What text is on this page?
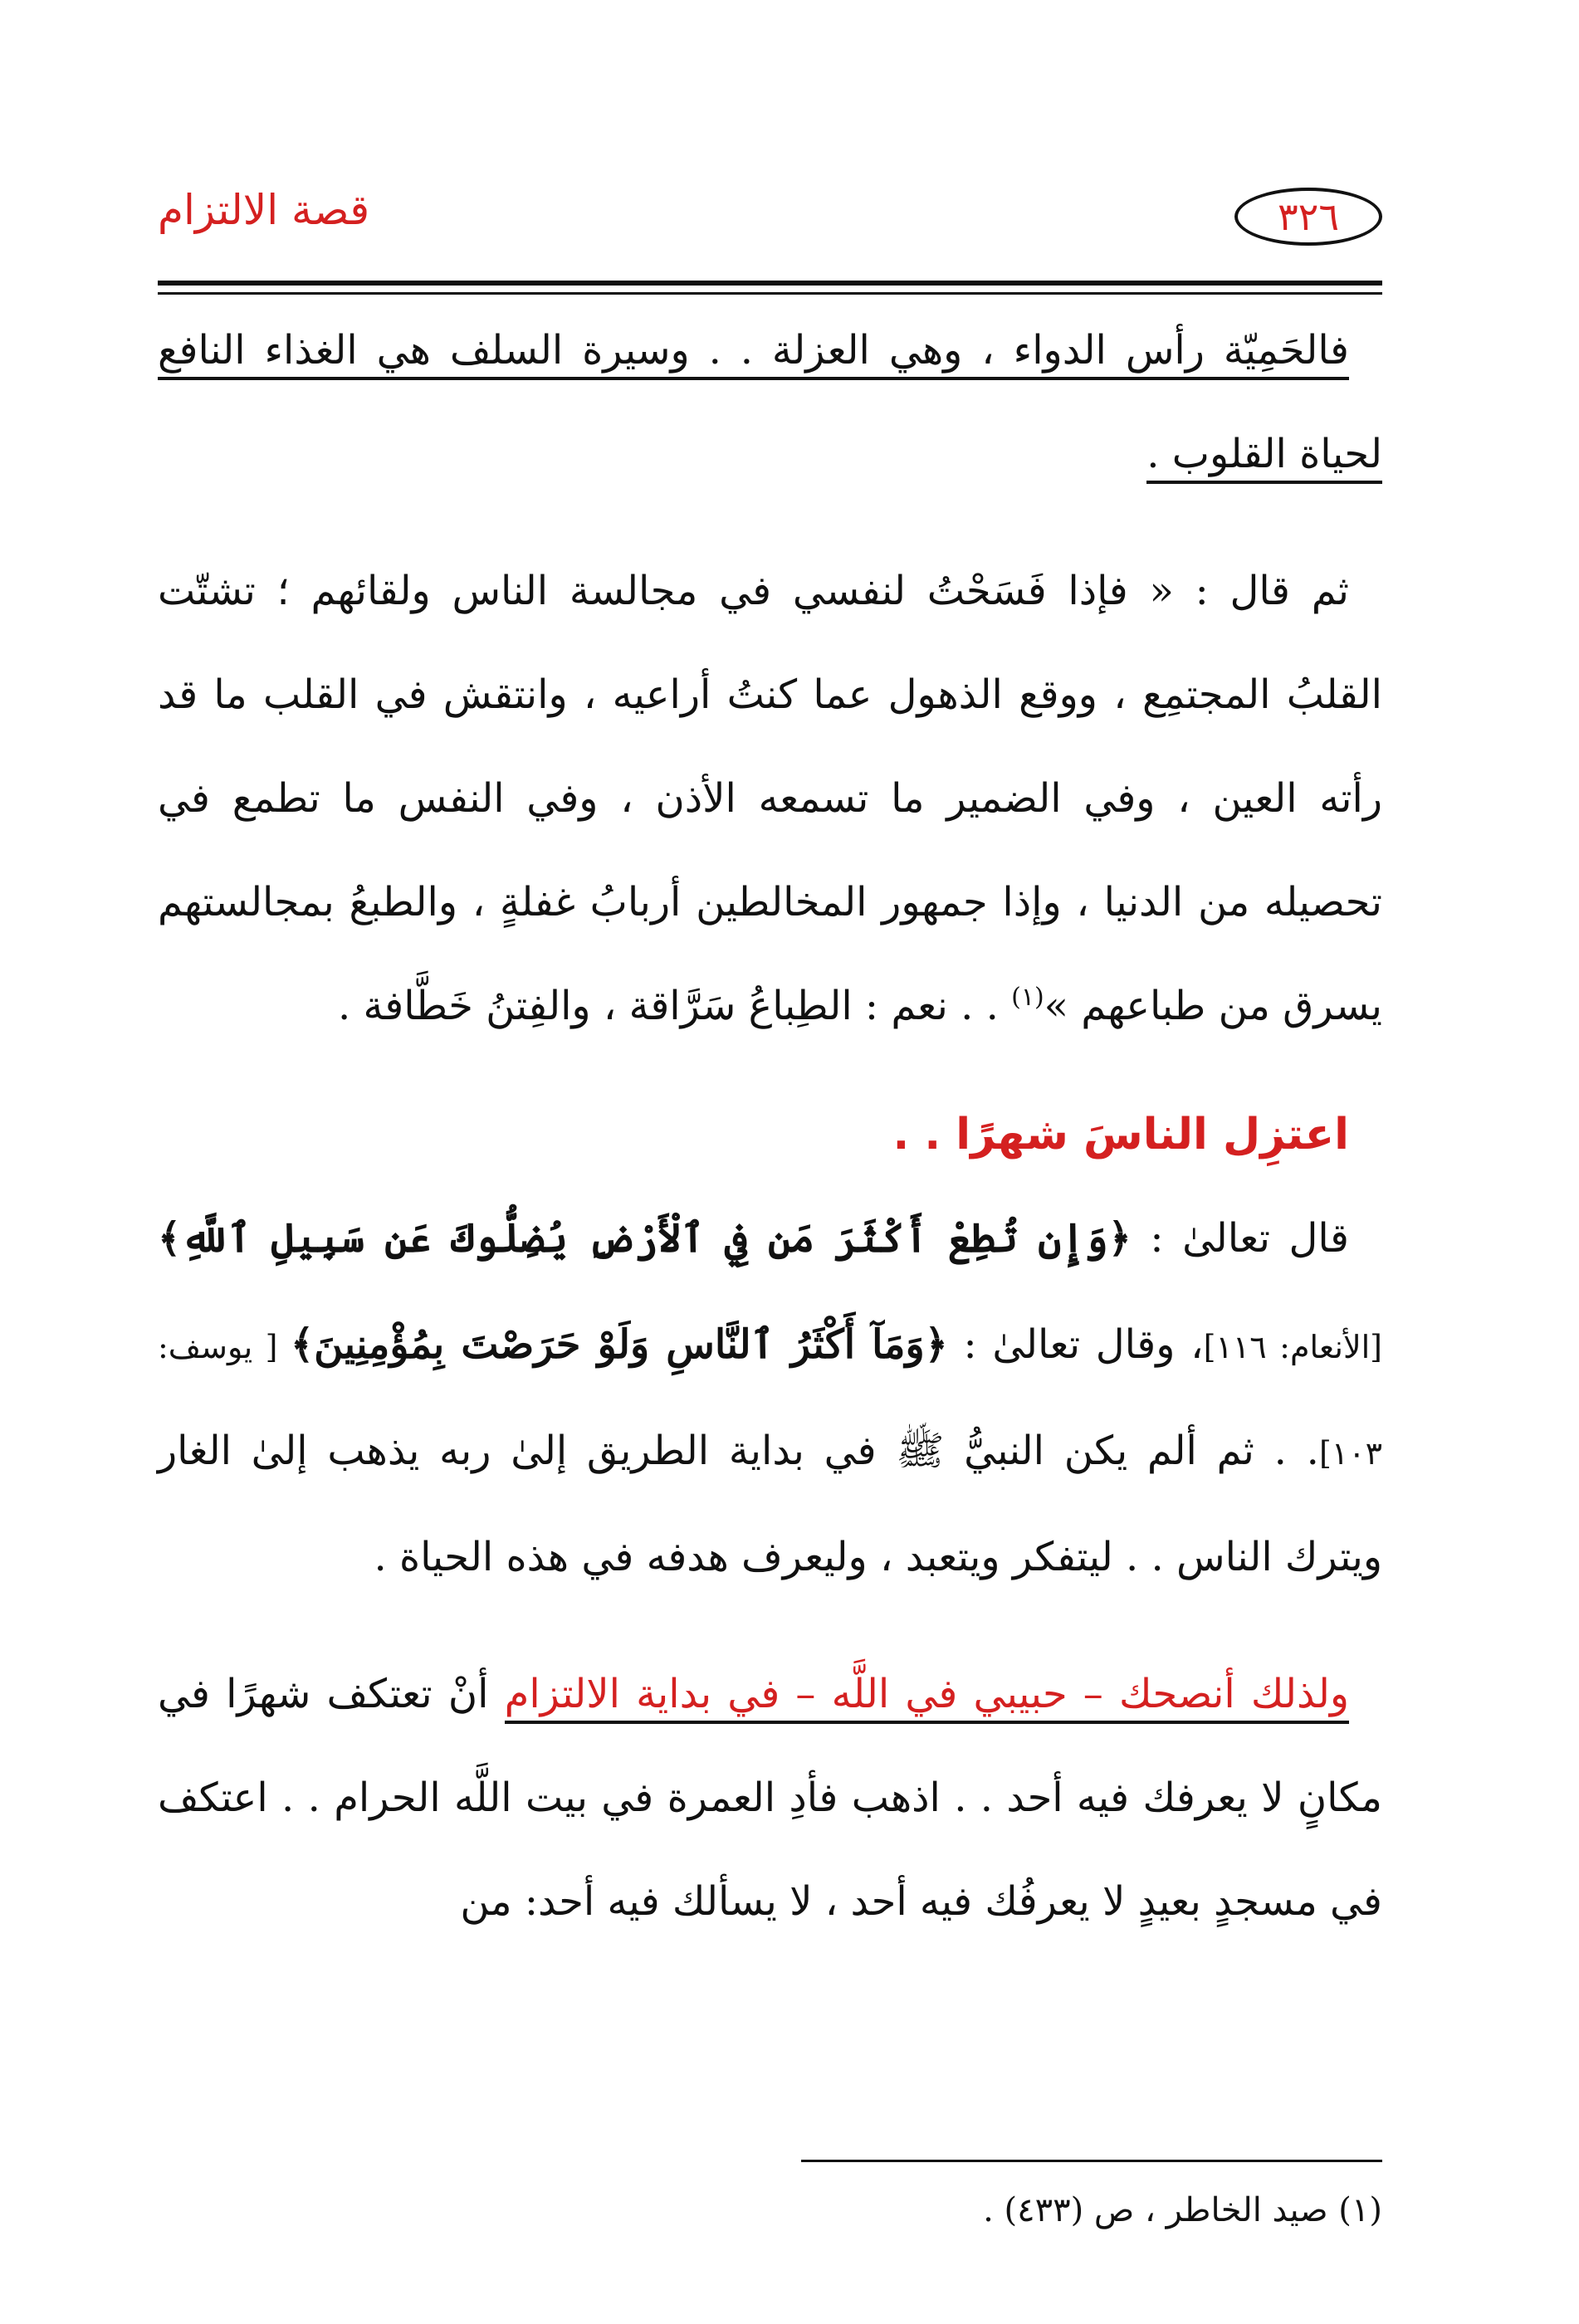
٣٢٦
قصة الالتزام

فالحَمِيّة رأس الدواء ، وهي العزلة . . وسيرة السلف هي الغذاء النافع لحياة القلوب .

ثم قال : « فإذا فَسَحْتُ لنفسي في مجالسة الناس ولقائهم ؛ تشتّت القلبُ المجتمِع ، ووقع الذهول عما كنتُ أراعيه ، وانتقش في القلب ما قد رأته العين ، وفي الضمير ما تسمعه الأذن ، وفي النفس ما تطمع في تحصيله من الدنيا ، وإذا جمهور المخالطين أربابُ غفلةٍ ، والطبعُ بمجالستهم يسرق من طباعهم »$^{(١)}$ . . نعم : الطِباعُ سَرَّاقة ، والفِتنُ خَطَّافة .

اعتزِل الناسَ شهرًا . .

قال تعالىٰ : ﴿وَإِن تُطِعْ أَكْثَرَ مَن فِي ٱلْأَرْضِ يُضِلُّوكَ عَن سَبِيلِ ٱللَّهِ﴾ [الأنعام: ١١٦]، وقال تعالىٰ : ﴿وَمَآ أَكْثَرُ ٱلنَّاسِ وَلَوْ حَرَصْتَ بِمُؤْمِنِينَ﴾ [ يوسف: ١٠٣]. . ثم ألم يكن النبيُّ ﷺ في بداية الطريق إلىٰ ربه يذهب إلىٰ الغار ويترك الناس . . ليتفكر ويتعبد ، وليعرف هدفه في هذه الحياة .

ولذلك أنصحك – حبيبي في اللَّه – في بداية الالتزام أنْ تعتكف شهرًا في مكانٍ لا يعرفك فيه أحد . . اذهب فأدِ العمرة في بيت اللَّه الحرام . . اعتكف في مسجدٍ بعيدٍ لا يعرفُك فيه أحد ، لا يسألك فيه أحد: من

(١) صيد الخاطر ، ص (٤٣٣) .
